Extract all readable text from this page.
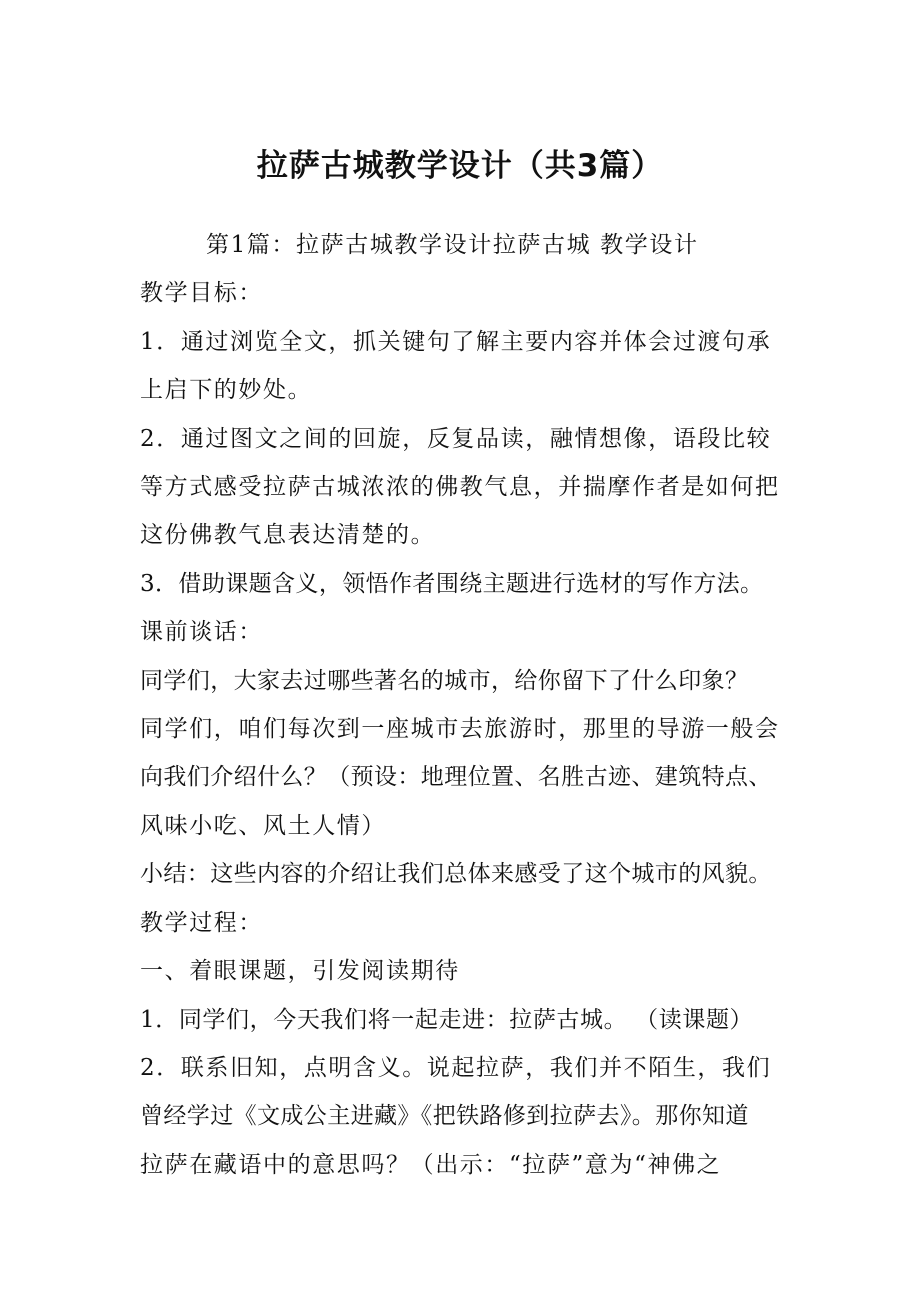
拉萨古城教学设计（共3篇）
第1篇：拉萨古城教学设计拉萨古城 教学设计
教学目标：
1．通过浏览全文，抓关键句了解主要内容并体会过渡句承
上启下的妙处。
2．通过图文之间的回旋，反复品读，融情想像，语段比较
等方式感受拉萨古城浓浓的佛教气息，并揣摩作者是如何把
这份佛教气息表达清楚的。
3．借助课题含义，领悟作者围绕主题进行选材的写作方法。
课前谈话：
同学们，大家去过哪些著名的城市，给你留下了什么印象？
同学们，咱们每次到一座城市去旅游时，那里的导游一般会
向我们介绍什么？（预设：地理位置、名胜古迹、建筑特点、
风味小吃、风土人情）
小结：这些内容的介绍让我们总体来感受了这个城市的风貌。
教学过程：
一、着眼课题，引发阅读期待
1．同学们，今天我们将一起走进：拉萨古城。 （读课题）
2．联系旧知，点明含义。说起拉萨，我们并不陌生，我们
曾经学过《文成公主进藏》《把铁路修到拉萨去》。那你知道
拉萨在藏语中的意思吗？（出示：“拉萨”意为“神佛之
